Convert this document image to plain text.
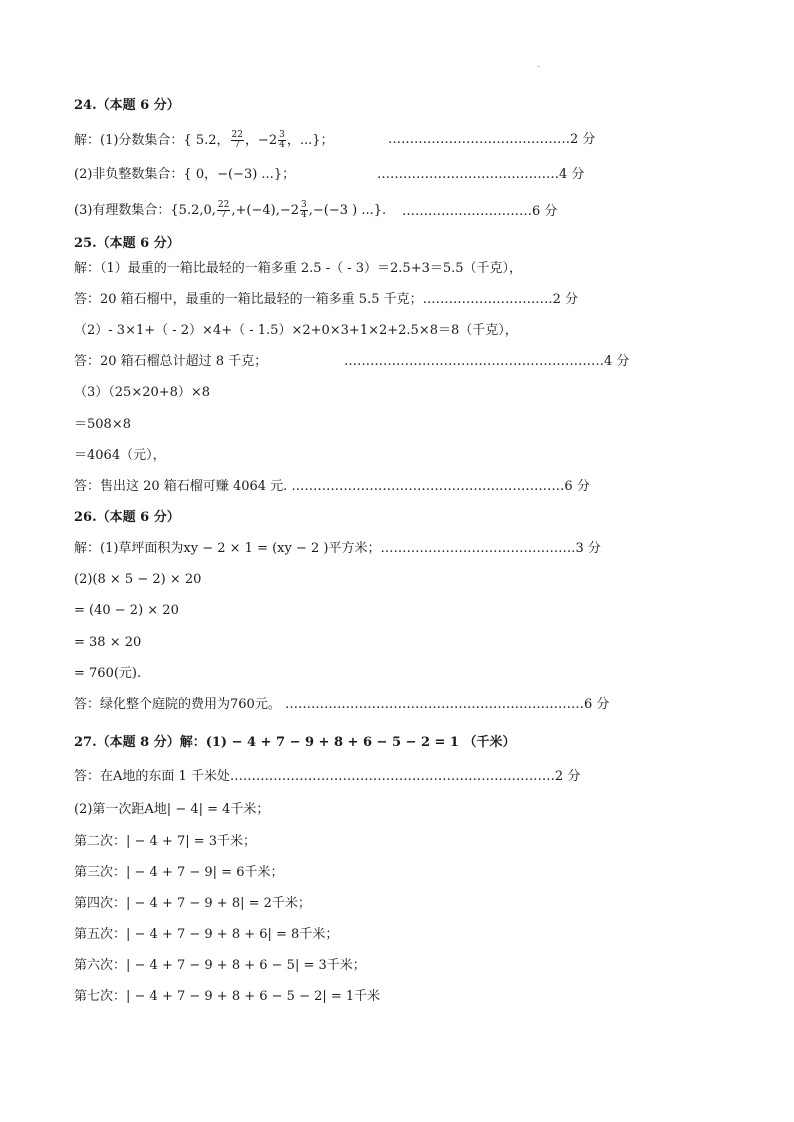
24.（本题 6 分）
解：(1)分数集合：{ 5.2， $\frac{22}{7}$ ，$-2 \frac{3}{4}$ ，...}；	……………………………………2 分
(2)非负整数集合：{ 0，−(−3) ...}；	……………………………………4 分
(3)有理数集合：{5.2,0, $\frac{22}{7} ,+(-4),-2 \frac{3}{4} ,-(-3$ ) ...}. …………………………6 分
25.（本题 6 分）
解：（1）最重的一箱比最轻的一箱多重 2.5 -（ - 3）＝2.5+3＝5.5（千克），
答：20 箱石榴中，最重的一箱比最轻的一箱多重 5.5 千克；…………………………2 分
（2）- 3×1+（ - 2）×4+（ - 1.5）×2+0×3+1×2+2.5×8＝8（千克），
答：20 箱石榴总计超过 8 千克；	……………………………………………………4 分
（3）（25×20+8）×8
＝508×8
＝4064（元），
答：售出这 20 箱石榴可赚 4064 元. ………………………………………………………6 分
26.（本题 6 分）
解：(1)草坪面积为xy − 2 × 1 = (xy − 2 )平方米；………………………………………3 分
(2)(8 × 5 − 2) × 20
= (40 − 2) × 20
= 38 × 20
= 760(元).
答：绿化整个庭院的费用为760元。 ……………………………………………………………6 分
27.（本题 8 分）解：(1) − 4 + 7 − 9 + 8 + 6 − 5 − 2 = 1 （千米）
答：在A地的东面 1 千米处…………………………………………………………………2 分
(2)第一次距A地| − 4| = 4千米；
第二次：| − 4 + 7| = 3千米；
第三次：| − 4 + 7 − 9| = 6千米；
第四次：| − 4 + 7 − 9 + 8| = 2千米；
第五次：| − 4 + 7 − 9 + 8 + 6| = 8千米；
第六次：| − 4 + 7 − 9 + 8 + 6 − 5| = 3千米；
第七次：| − 4 + 7 − 9 + 8 + 6 − 5 − 2| = 1千米
